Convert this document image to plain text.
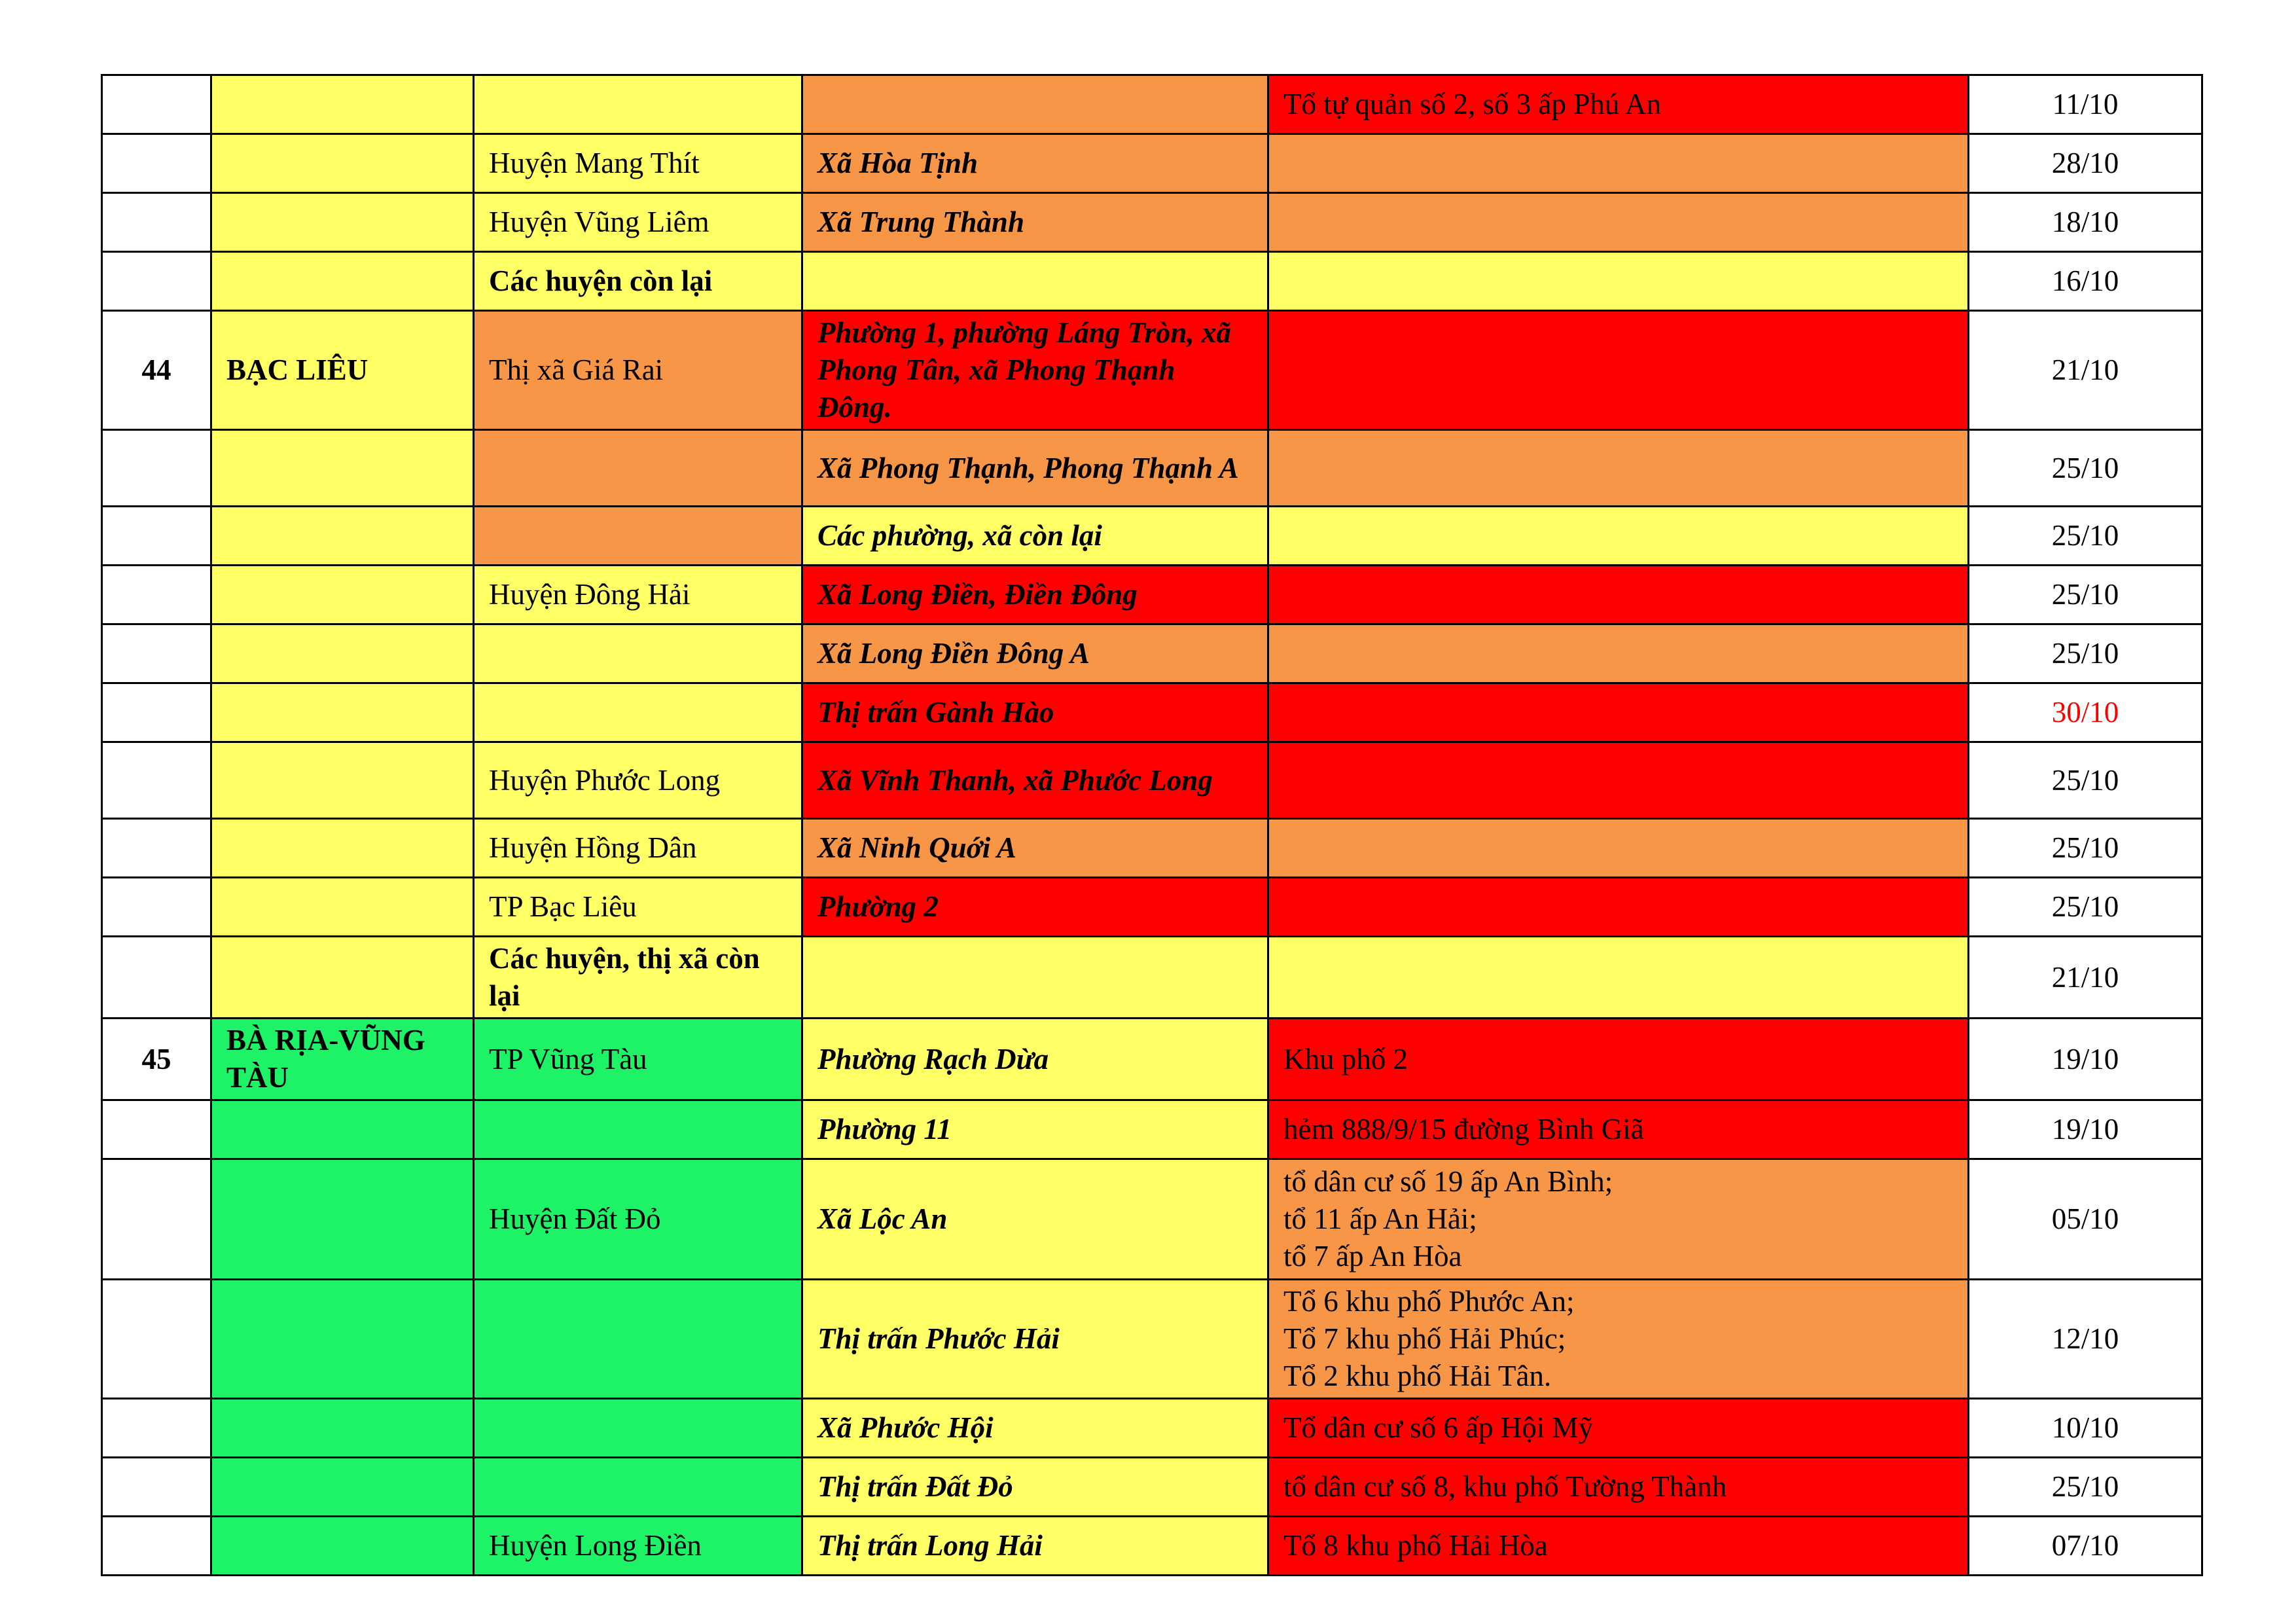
				Tổ tự quản số 2, số 3 ấp Phú An	11/10
		Huyện Mang Thít	Xã Hòa Tịnh		28/10
		Huyện Vũng Liêm	Xã Trung Thành		18/10
		Các huyện còn lại			16/10
44	BẠC LIÊU	Thị xã Giá Rai	Phường 1, phường Láng Tròn, xã Phong Tân, xã Phong Thạnh Đông.		21/10
			Xã Phong Thạnh, Phong Thạnh A		25/10
			Các phường, xã còn lại		25/10
		Huyện Đông Hải	Xã Long Điền, Điền Đông		25/10
			Xã Long Điền Đông A		25/10
			Thị trấn Gành Hào		30/10
		Huyện Phước Long	Xã Vĩnh Thanh, xã Phước Long		25/10
		Huyện Hồng Dân	Xã Ninh Quới A		25/10
		TP Bạc Liêu	Phường 2		25/10
		Các huyện, thị xã còn lại			21/10
45	BÀ RỊA-VŨNG TÀU	TP Vũng Tàu	Phường Rạch Dừa	Khu phố 2	19/10
			Phường 11	hẻm 888/9/15 đường Bình Giã	19/10
		Huyện Đất Đỏ	Xã Lộc An	tổ dân cư số 19 ấp An Bình;
tổ 11 ấp An Hải;
tổ 7 ấp An Hòa	05/10
			Thị trấn Phước Hải	Tổ 6 khu phố Phước An;
Tổ 7 khu phố Hải Phúc;
Tổ 2 khu phố Hải Tân.	12/10
			Xã Phước Hội	Tổ dân cư số 6 ấp Hội Mỹ	10/10
			Thị trấn Đất Đỏ	tổ dân cư số 8, khu phố Tường Thành	25/10
		Huyện Long Điền	Thị trấn Long Hải	Tổ 8 khu phố Hải Hòa	07/10
